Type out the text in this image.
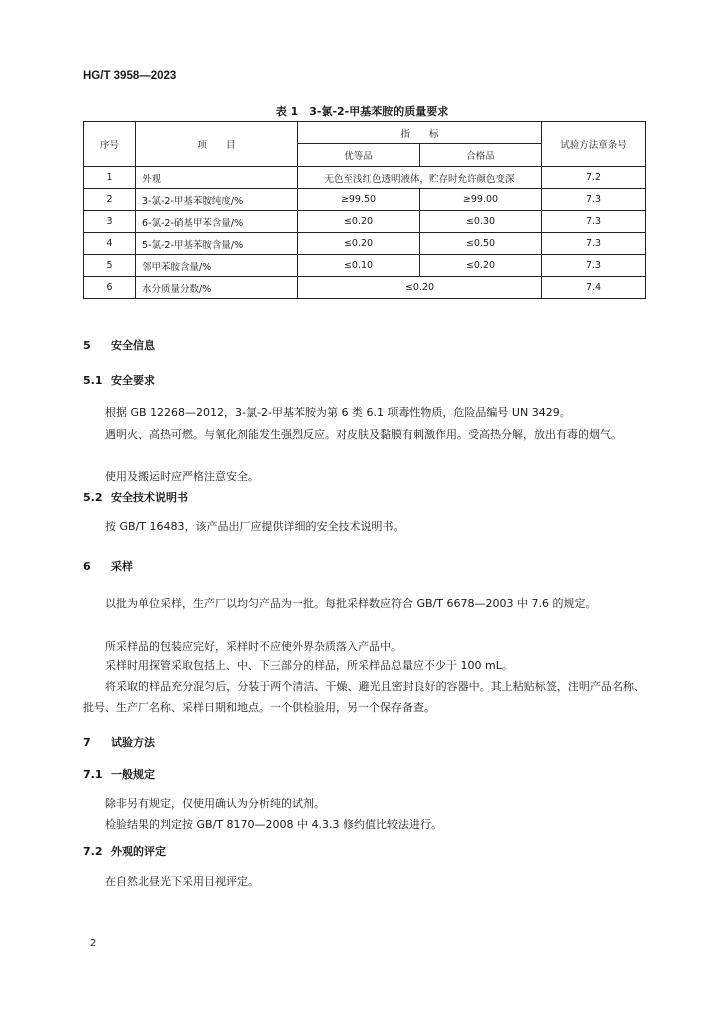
HG/T 3958—2023
表 1　3-氯-2-甲基苯胺的质量要求
序号	项　　目	指　　标		试验方法章条号
		优等品	合格品	
1	外观	无色至浅红色透明液体，贮存时允许颜色变深		7.2
2	3-氯-2-甲基苯胺纯度/%	≥99.50	≥99.00	7.3
3	6-氯-2-硝基甲苯含量/%	≤0.20	≤0.30	7.3
4	5-氯-2-甲基苯胺含量/%	≤0.20	≤0.50	7.3
5	邻甲苯胺含量/%	≤0.10	≤0.20	7.3
6	水分质量分数/%	≤0.20		7.4
5 安全信息
5.1 安全要求
根据 GB 12268—2012，3-氯-2-甲基苯胺为第 6 类 6.1 项毒性物质，危险品编号 UN 3429。
遇明火、高热可燃。与氧化剂能发生强烈反应。对皮肤及黏膜有刺激作用。受高热分解，放出有毒的烟气。
使用及搬运时应严格注意安全。
5.2 安全技术说明书
按 GB/T 16483，该产品出厂应提供详细的安全技术说明书。
6 采样
以批为单位采样，生产厂以均匀产品为一批。每批采样数应符合 GB/T 6678—2003 中 7.6 的规定。
所采样品的包装应完好，采样时不应使外界杂质落入产品中。
采样时用探管采取包括上、中、下三部分的样品，所采样品总量应不少于 100 mL。
将采取的样品充分混匀后，分装于两个清洁、干燥、避光且密封良好的容器中。其上粘贴标签，注明产品名称、批号、生产厂名称、采样日期和地点。一个供检验用，另一个保存备查。
7 试验方法
7.1 一般规定
除非另有规定，仅使用确认为分析纯的试剂。
检验结果的判定按 GB/T 8170—2008 中 4.3.3 修约值比较法进行。
7.2 外观的评定
在自然北昼光下采用目视评定。
2
